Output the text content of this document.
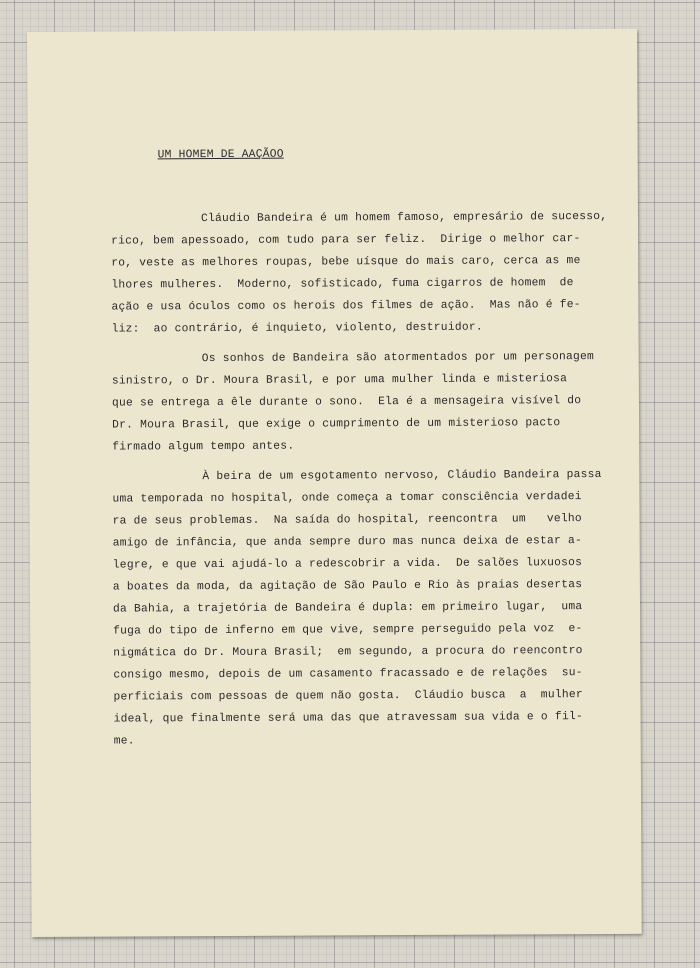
UM HOMEM DE AAÇÃOO
Cláudio Bandeira é um homem famoso, empresário de sucesso,
rico, bem apessoado, com tudo para ser feliz.  Dirige o melhor car-
ro, veste as melhores roupas, bebe uísque do mais caro, cerca as me
lhores mulheres.  Moderno, sofisticado, fuma cigarros de homem  de
ação e usa óculos como os herois dos filmes de ação.  Mas não é fe-
liz:  ao contrário, é inquieto, violento, destruidor.
Os sonhos de Bandeira são atormentados por um personagem
sinistro, o Dr. Moura Brasil, e por uma mulher linda e misteriosa
que se entrega a êle durante o sono.  Ela é a mensageira visível do
Dr. Moura Brasil, que exige o cumprimento de um misterioso pacto
firmado algum tempo antes.
À beira de um esgotamento nervoso, Cláudio Bandeira passa
uma temporada no hospital, onde começa a tomar consciência verdadei
ra de seus problemas.  Na saída do hospital, reencontra  um   velho
amigo de infância, que anda sempre duro mas nunca deixa de estar a-
legre, e que vai ajudá-lo a redescobrir a vida.  De salões luxuosos
a boates da moda, da agitação de São Paulo e Rio às praias desertas
da Bahia, a trajetória de Bandeira é dupla: em primeiro lugar,  uma
fuga do tipo de inferno em que vive, sempre perseguido pela voz  e-
nigmática do Dr. Moura Brasil;  em segundo, a procura do reencontro
consigo mesmo, depois de um casamento fracassado e de relações  su-
perficiais com pessoas de quem não gosta.  Cláudio busca  a  mulher
ideal, que finalmente será uma das que atravessam sua vida e o fil-
me.
